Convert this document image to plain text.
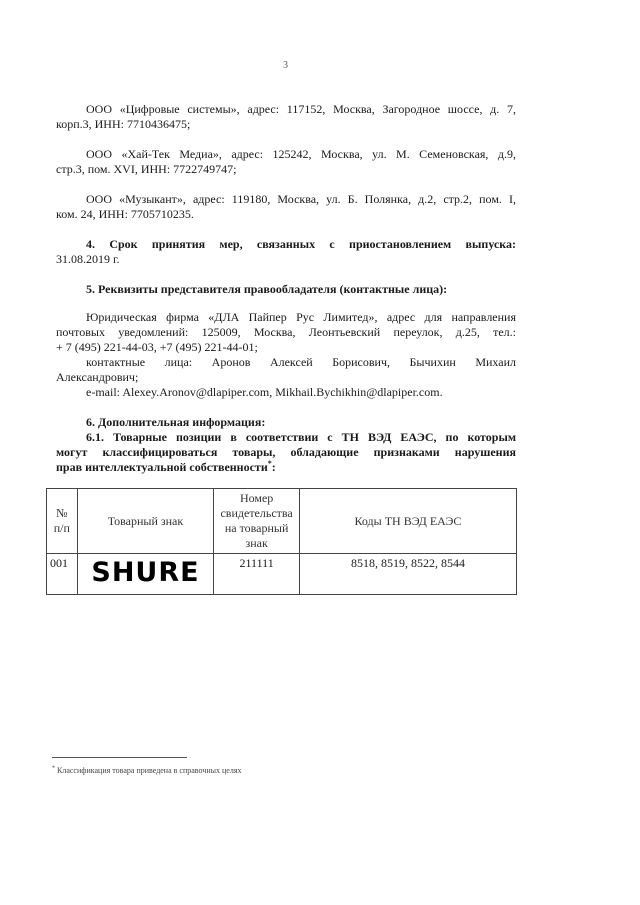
3
ООО «Цифровые системы», адрес: 117152, Москва, Загородное шоссе, д. 7,
корп.3, ИНН: 7710436475;
ООО «Хай-Тек Медиа», адрес: 125242, Москва, ул. М. Семеновская, д.9,
стр.3, пом. XVI, ИНН: 7722749747;
ООО «Музыкант», адрес: 119180, Москва, ул. Б. Полянка, д.2, стр.2, пом. I,
ком. 24, ИНН: 7705710235.
4. Срок принятия мер, связанных с приостановлением выпуска:
31.08.2019 г.
5. Реквизиты представителя правообладателя (контактные лица):
Юридическая фирма «ДЛА Пайпер Рус Лимитед», адрес для направления
почтовых уведомлений: 125009, Москва, Леонтьевский переулок, д.25, тел.:
+ 7 (495) 221-44-03, +7 (495) 221-44-01;
контактные лица: Аронов Алексей Борисович, Бычихин Михаил
Александрович;
e-mail: Alexey.Aronov@dlapiper.com, Mikhail.Bychikhin@dlapiper.com.
6. Дополнительная информация:
6.1. Товарные позиции в соответствии с ТН ВЭД ЕАЭС, по которым
могут классифицироваться товары, обладающие признаками нарушения
прав интеллектуальной собственности*:
№ п/п	Товарный знак	Номер свидетельства на товарный знак	Коды ТН ВЭД ЕАЭС
001	SHURE	211111	8518, 8519, 8522, 8544
* Классификация товара приведена в справочных целях
